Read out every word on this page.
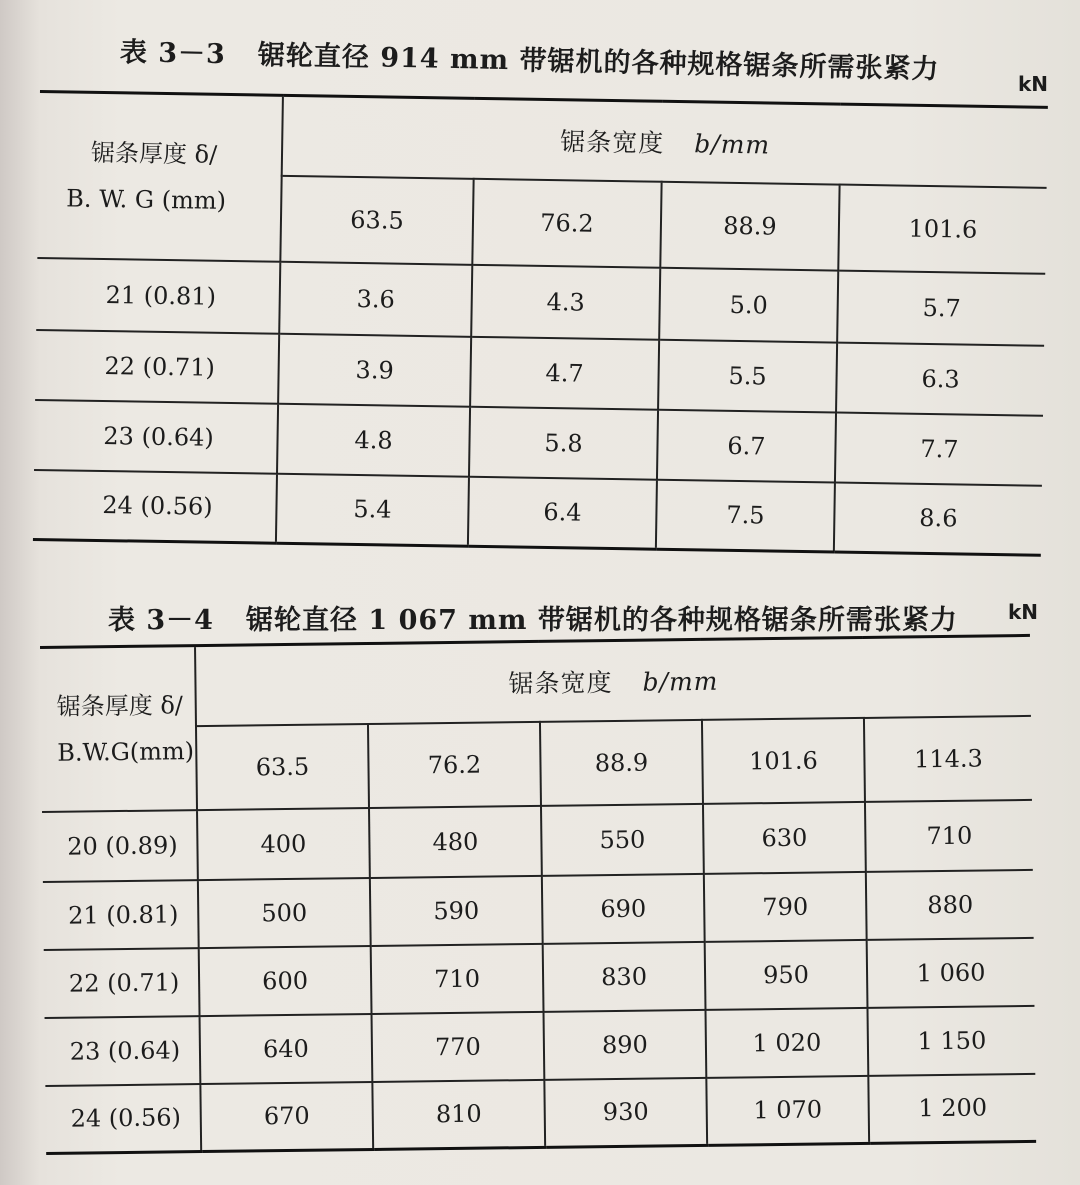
表 3－3 锯轮直径 914 mm 带锯机的各种规格锯条所需张紧力	kN
锯条厚度 δ/
B. W. G (mm)	锯条宽度 b/mm			
	63.5	76.2	88.9	101.6
21 (0.81)	3.6	4.3	5.0	5.7
22 (0.71)	3.9	4.7	5.5	6.3
23 (0.64)	4.8	5.8	6.7	7.7
24 (0.56)	5.4	6.4	7.5	8.6
表 3－4 锯轮直径 1 067 mm 带锯机的各种规格锯条所需张紧力	kN
锯条厚度 δ/
B.W.G(mm)	锯条宽度 b/mm				
	63.5	76.2	88.9	101.6	114.3
20 (0.89)	400	480	550	630	710
21 (0.81)	500	590	690	790	880
22 (0.71)	600	710	830	950	1 060
23 (0.64)	640	770	890	1 020	1 150
24 (0.56)	670	810	930	1 070	1 200
